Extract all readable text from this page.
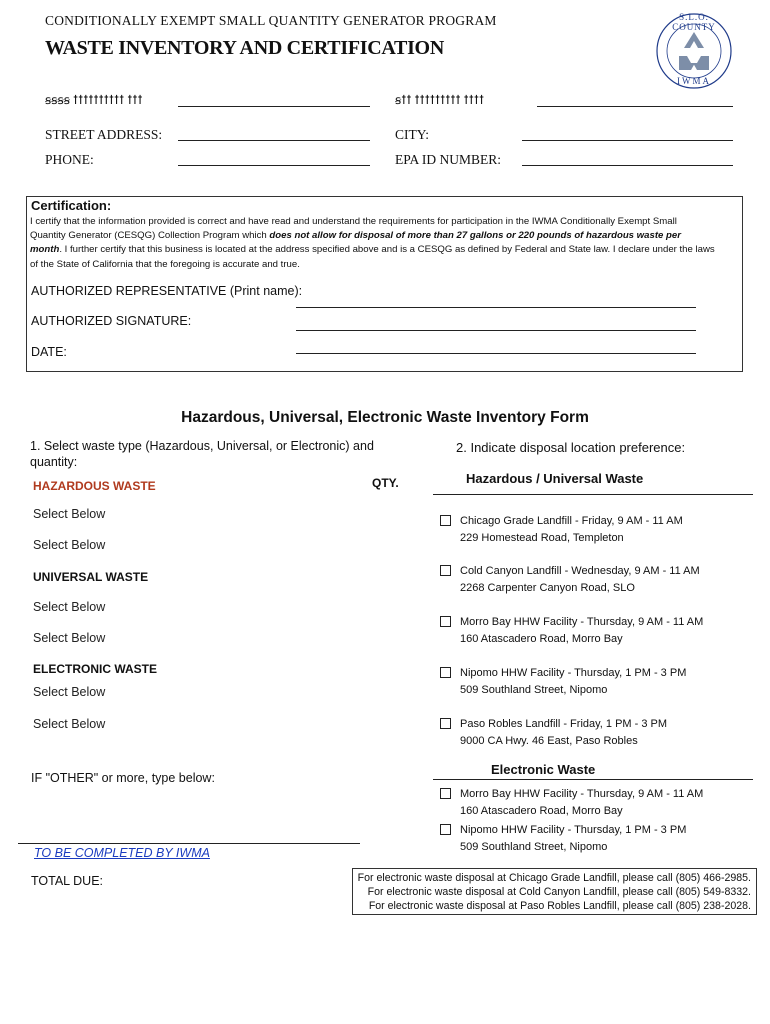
CONDITIONALLY EXEMPT SMALL QUANTITY GENERATOR PROGRAM
WASTE INVENTORY AND CERTIFICATION
S.L.O. COUNTY
IWMA
ꞩꞩꞩꞩ ꝉꝉꝉꝉꝉꝉꝉꝉꝉꝉ ꝉꝉꝉ	ꞩꝉꝉ ꝉꝉꝉꝉꝉꝉꝉꝉꝉ ꝉꝉꝉꝉ
STREET ADDRESS:	CITY:
PHONE:	EPA ID NUMBER:
Certification:
I certify that the information provided is correct and have read and understand the requirements for participation in the IWMA Conditionally Exempt Small Quantity Generator (CESQG) Collection Program which does not allow for disposal of more than 27 gallons or 220 pounds of hazardous waste per month. I further certify that this business is located at the address specified above and is a CESQG as defined by Federal and State law. I declare under the laws of the State of California that the foregoing is accurate and true.
AUTHORIZED REPRESENTATIVE (Print name):
AUTHORIZED SIGNATURE:
DATE:
Hazardous, Universal, Electronic Waste Inventory Form
1. Select waste type (Hazardous, Universal, or Electronic) and quantity:
2. Indicate disposal location preference:
HAZARDOUS WASTE	QTY.
Select Below
Select Below
UNIVERSAL WASTE
Select Below
Select Below
ELECTRONIC WASTE
Select Below
Select Below
IF "OTHER" or more, type below:
TO BE COMPLETED BY IWMA
TOTAL DUE:
Hazardous / Universal Waste
Chicago Grade Landfill - Friday, 9 AM - 11 AM
229 Homestead Road, Templeton
Cold Canyon Landfill - Wednesday, 9 AM - 11 AM
2268 Carpenter Canyon Road, SLO
Morro Bay HHW Facility - Thursday, 9 AM - 11 AM
160 Atascadero Road, Morro Bay
Nipomo HHW Facility - Thursday, 1 PM - 3 PM
509 Southland Street, Nipomo
Paso Robles Landfill - Friday, 1 PM - 3 PM
9000 CA Hwy. 46 East, Paso Robles
Electronic Waste
Morro Bay HHW Facility - Thursday, 9 AM - 11 AM
160 Atascadero Road, Morro Bay
Nipomo HHW Facility - Thursday, 1 PM - 3 PM
509 Southland Street, Nipomo
For electronic waste disposal at Chicago Grade Landfill, please call (805) 466-2985.
For electronic waste disposal at Cold Canyon Landfill, please call (805) 549-8332.
For electronic waste disposal at Paso Robles Landfill, please call (805) 238-2028.
